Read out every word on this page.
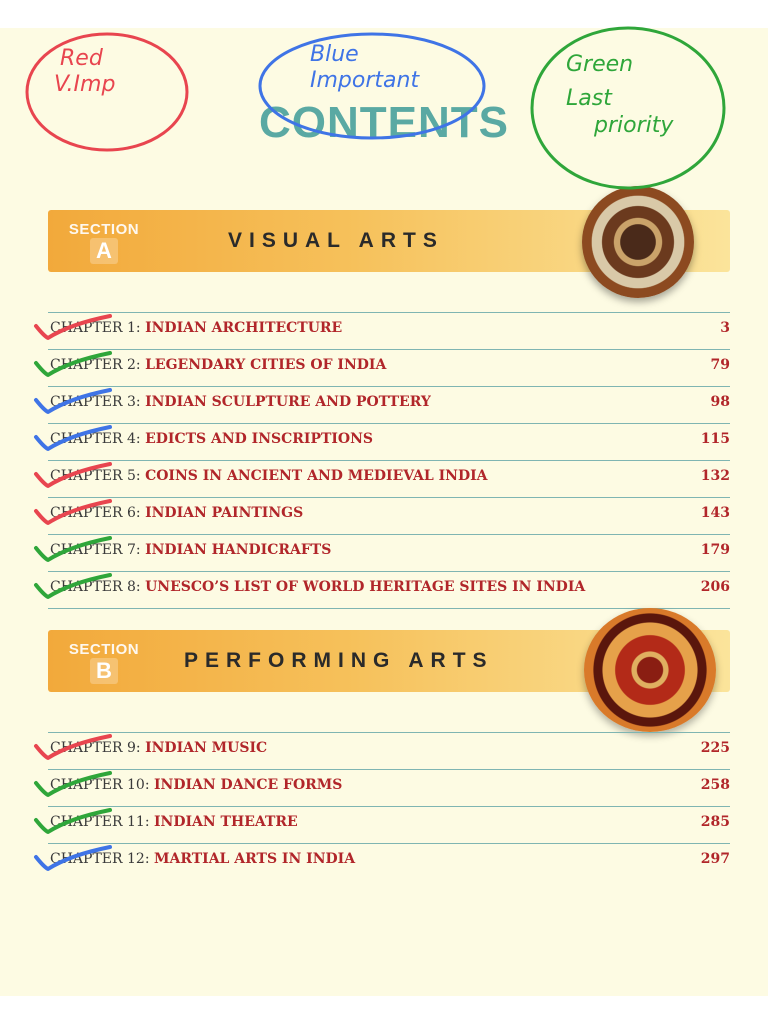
CONTENTS
SECTION
A	VISUAL ARTS
CHAPTER 1: INDIAN ARCHITECTURE	3
CHAPTER 2: LEGENDARY CITIES OF INDIA	79
CHAPTER 3: INDIAN SCULPTURE AND POTTERY	98
CHAPTER 4: EDICTS AND INSCRIPTIONS	115
CHAPTER 5: COINS IN ANCIENT AND MEDIEVAL INDIA	132
CHAPTER 6: INDIAN PAINTINGS	143
CHAPTER 7: INDIAN HANDICRAFTS	179
CHAPTER 8: UNESCO’S LIST OF WORLD HERITAGE SITES IN INDIA	206
SECTION
B	PERFORMING ARTS
CHAPTER 9: INDIAN MUSIC	225
CHAPTER 10: INDIAN DANCE FORMS	258
CHAPTER 11: INDIAN THEATRE	285
CHAPTER 12: MARTIAL ARTS IN INDIA	297
Red
V.Imp
Blue
Important
Green
Last
priority
